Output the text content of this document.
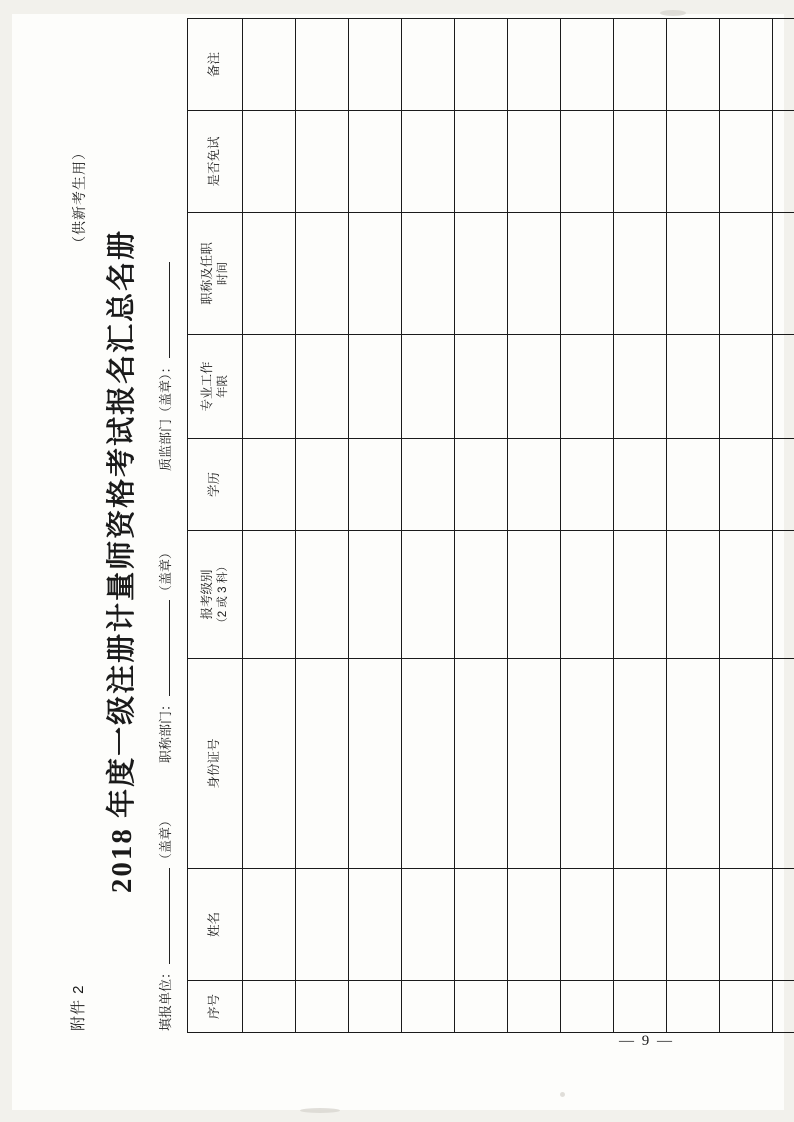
附件 2
（供新考生用）
2018 年度一级注册计量师资格考试报名汇总名册
填报单位：
（盖章）
职称部门：
（盖章）
质监部门（盖章）：
序号	姓名	身份证号	报考级别 （2 或 3 科）	学历	专业工作 年限	职称及任职 时间	是否免试	备注

— 9 —
